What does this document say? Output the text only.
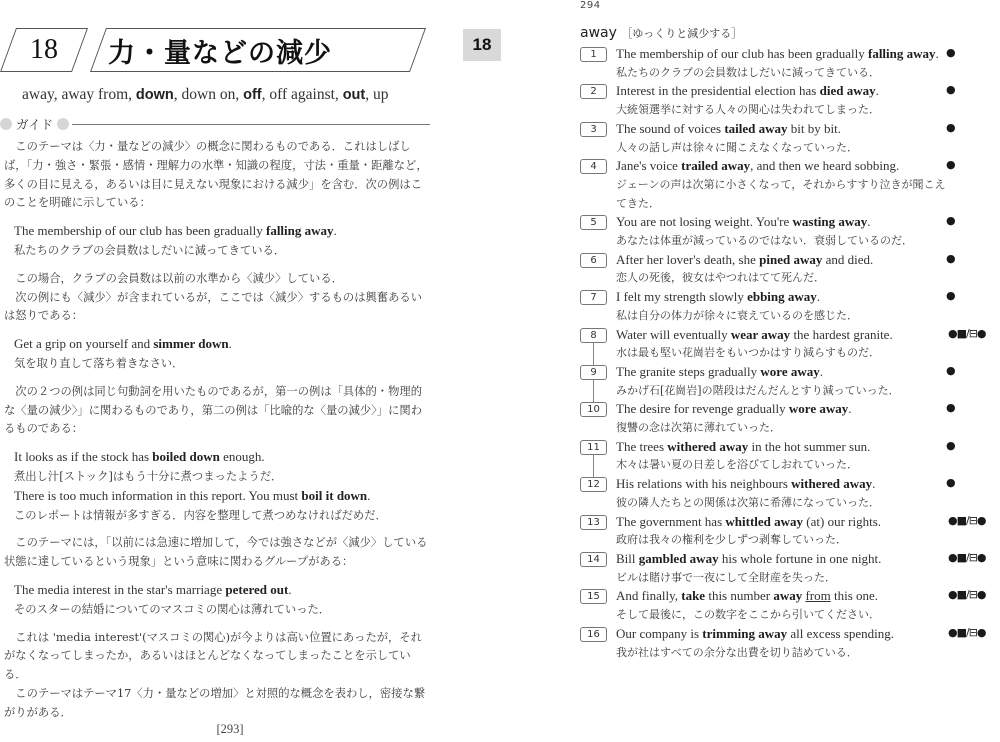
18	力・量などの減少	18
away, away from, down, down on, off, off against, out, up
ガイド

このテーマは〈力・量などの減少〉の概念に関わるものである．これはしばしば，「力・強さ・緊張・感情・理解力の水準・知識の程度，寸法・重量・距離など，多くの目に見える，あるいは目に見えない現象における減少」を含む．次の例はこのことを明確に示している：

The membership of our club has been gradually falling away.
私たちのクラブの会員数はしだいに減ってきている．

この場合，クラブの会員数は以前の水準から〈減少〉している．

次の例にも〈減少〉が含まれているが，ここでは〈減少〉するものは興奮あるいは怒りである：

Get a grip on yourself and simmer down.
気を取り直して落ち着きなさい．

次の２つの例は同じ句動詞を用いたものであるが，第一の例は「具体的・物理的な〈量の減少〉」に関わるものであり，第二の例は「比喩的な〈量の減少〉」に関わるものである：

It looks as if the stock has boiled down enough.
煮出し汁[ストック]はもう十分に煮つまったようだ．
There is too much information in this report. You must boil it down.
このレポートは情報が多すぎる．内容を整理して煮つめなければだめだ．

このテーマには，「以前には急速に増加して，今では強さなどが〈減少〉している状態に達しているという現象」という意味に関わるグループがある：

The media interest in the star's marriage petered out.
そのスターの結婚についてのマスコミの関心は薄れていった．

これは 'media interest'(マスコミの関心)が今よりは高い位置にあったが，それがなくなってしまったか，あるいはほとんどなくなってしまったことを示している．

このテーマはテーマ17〈力・量などの増加〉と対照的な概念を表わし，密接な繋がりがある．

[293]
294
away ［ゆっくりと減少する］
1	The membership of our club has been gradually falling away.
私たちのクラブの会員数はしだいに減ってきている．
●
2	Interest in the presidential election has died away.
大統領選挙に対する人々の関心は失われてしまった．
●
3	The sound of voices tailed away bit by bit.
人々の話し声は徐々に聞こえなくなっていった．
●
4	Jane's voice trailed away, and then we heard sobbing.
ジェーンの声は次第に小さくなって，それからすすり泣きが聞こえてきた．
●
5	You are not losing weight. You're wasting away.
あなたは体重が減っているのではない．衰弱しているのだ．
●
6	After her lover's death, she pined away and died.
恋人の死後，彼女はやつれはてて死んだ．
●
7	I felt my strength slowly ebbing away.
私は自分の体力が徐々に衰えているのを感じた．
●
8	Water will eventually wear away the hardest granite.
水は最も堅い花崗岩をもいつかはすり減らすものだ．
●■/⊟●
9	The granite steps gradually wore away.
みかげ石[花崗岩]の階段はだんだんとすり減っていった．
●
10	The desire for revenge gradually wore away.
復讐の念は次第に薄れていった．
●
11	The trees withered away in the hot summer sun.
木々は暑い夏の日差しを浴びてしおれていった．
●
12	His relations with his neighbours withered away.
彼の隣人たちとの関係は次第に希薄になっていった．
●
13	The government has whittled away (at) our rights.
政府は我々の権利を少しずつ剥奪していった．
●■/⊟●
14	Bill gambled away his whole fortune in one night.
ビルは賭け事で一夜にして全財産を失った．
●■/⊟●
15	And finally, take this number away from this one.
そして最後に，この数字をここから引いてください．
●■/⊟●
16	Our company is trimming away all excess spending.
我が社はすべての余分な出費を切り詰めている．
●■/⊟●
